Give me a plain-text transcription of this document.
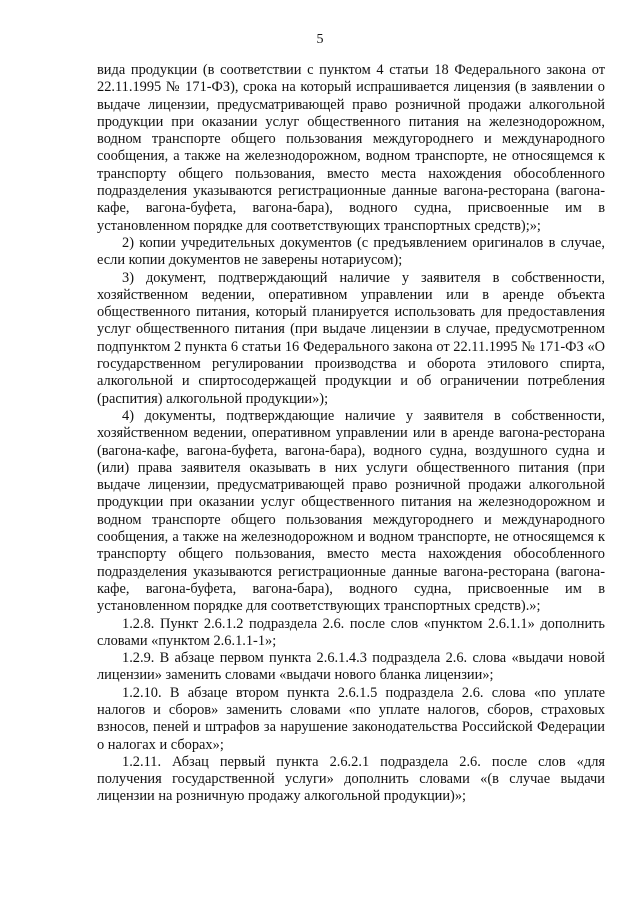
5

вида продукции (в соответствии с пунктом 4 статьи 18 Федерального закона от 22.11.1995 № 171-ФЗ), срока на который испрашивается лицензия (в заявлении о выдаче лицензии, предусматривающей право розничной продажи алкогольной продукции при оказании услуг общественного питания на железнодорожном, водном транспорте общего пользования междугороднего и международного сообщения, а также на железнодорожном, водном транспорте, не относящемся к транспорту общего пользования, вместо места нахождения обособленного подразделения указываются регистрационные данные вагона-ресторана (вагона-кафе, вагона-буфета, вагона-бара), водного судна, присвоенные им в установленном порядке для соответствующих транспортных средств);»;

2) копии учредительных документов (с предъявлением оригиналов в случае, если копии документов не заверены нотариусом);

3) документ, подтверждающий наличие у заявителя в собственности, хозяйственном ведении, оперативном управлении или в аренде объекта общественного питания, который планируется использовать для предоставления услуг общественного питания (при выдаче лицензии в случае, предусмотренном подпунктом 2 пункта 6 статьи 16 Федерального закона от 22.11.1995 № 171-ФЗ «О государственном регулировании производства и оборота этилового спирта, алкогольной и спиртосодержащей продукции и об ограничении потребления (распития) алкогольной продукции»);

4) документы, подтверждающие наличие у заявителя в собственности, хозяйственном ведении, оперативном управлении или в аренде вагона-ресторана (вагона-кафе, вагона-буфета, вагона-бара), водного судна, воздушного судна и (или) права заявителя оказывать в них услуги общественного питания (при выдаче лицензии, предусматривающей право розничной продажи алкогольной продукции при оказании услуг общественного питания на железнодорожном и водном транспорте общего пользования междугороднего и международного сообщения, а также на железнодорожном и водном транспорте, не относящемся к транспорту общего пользования, вместо места нахождения обособленного подразделения указываются регистрационные данные вагона-ресторана (вагона-кафе, вагона-буфета, вагона-бара), водного судна, присвоенные им в установленном порядке для соответствующих транспортных средств).»;

1.2.8. Пункт 2.6.1.2 подраздела 2.6. после слов «пунктом 2.6.1.1» дополнить словами «пунктом 2.6.1.1-1»;

1.2.9. В абзаце первом пункта 2.6.1.4.3 подраздела 2.6. слова «выдачи новой лицензии» заменить словами «выдачи нового бланка лицензии»;

1.2.10. В абзаце втором пункта 2.6.1.5 подраздела 2.6. слова «по уплате налогов и сборов» заменить словами «по уплате налогов, сборов, страховых взносов, пеней и штрафов за нарушение законодательства Российской Федерации о налогах и сборах»;

1.2.11. Абзац первый пункта 2.6.2.1 подраздела 2.6. после слов «для получения государственной услуги» дополнить словами «(в случае выдачи лицензии на розничную продажу алкогольной продукции)»;
